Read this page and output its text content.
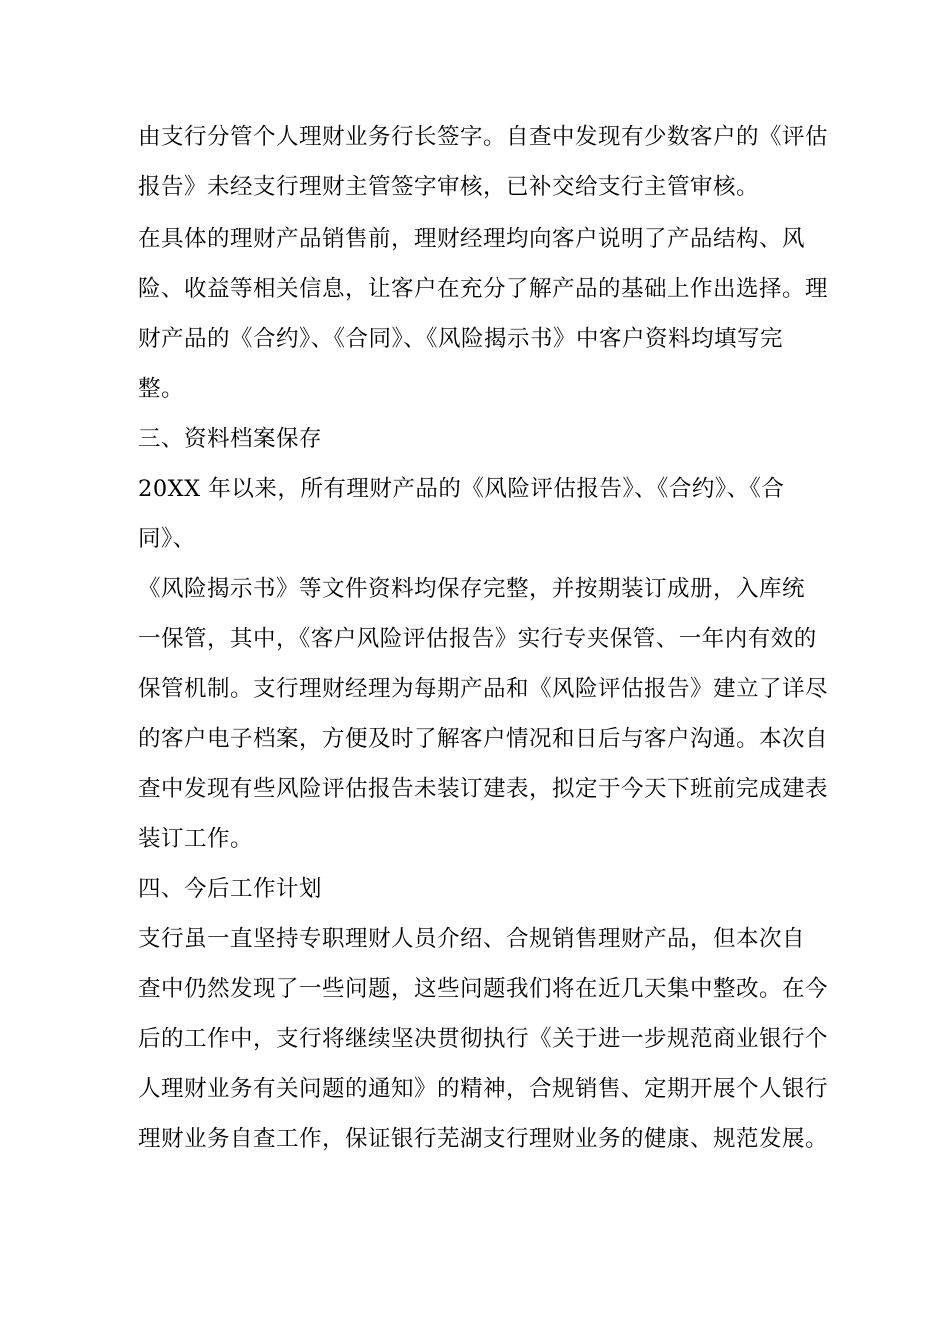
由支行分管个人理财业务行长签字。自查中发现有少数客户的《评估
报告》未经支行理财主管签字审核，已补交给支行主管审核。
在具体的理财产品销售前，理财经理均向客户说明了产品结构、风
险、收益等相关信息，让客户在充分了解产品的基础上作出选择。理
财产品的《合约》、《合同》、《风险揭示书》中客户资料均填写完
整。
三、资料档案保存
20XX 年以来，所有理财产品的《风险评估报告》、《合约》、《合
同》、
《风险揭示书》等文件资料均保存完整，并按期装订成册，入库统
一保管，其中，《客户风险评估报告》实行专夹保管、一年内有效的
保管机制。支行理财经理为每期产品和《风险评估报告》建立了详尽
的客户电子档案，方便及时了解客户情况和日后与客户沟通。本次自
查中发现有些风险评估报告未装订建表，拟定于今天下班前完成建表
装订工作。
四、今后工作计划
支行虽一直坚持专职理财人员介绍、合规销售理财产品，但本次自
查中仍然发现了一些问题，这些问题我们将在近几天集中整改。在今
后的工作中，支行将继续坚决贯彻执行《关于进一步规范商业银行个
人理财业务有关问题的通知》的精神，合规销售、定期开展个人银行
理财业务自查工作，保证银行芜湖支行理财业务的健康、规范发展。
